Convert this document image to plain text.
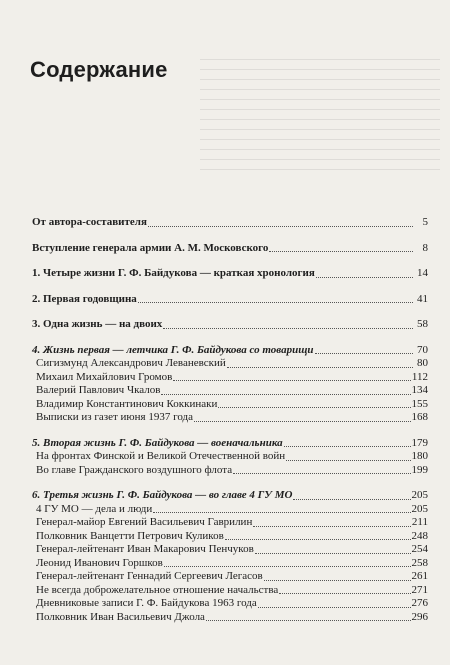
Содержание
От автора-составителя	5
Вступление генерала армии А. М. Московского	8
1. Четыре жизни Г. Ф. Байдукова — краткая хронология	14
2. Первая годовщина	41
3. Одна жизнь — на двоих	58
4. Жизнь первая — летчика Г. Ф. Байдукова со товарищи	70
Сигизмунд Александрович Леваневский	80
Михаил Михайлович Громов	112
Валерий Павлович Чкалов	134
Владимир Константинович Коккинаки	155
Выписки из газет июня 1937 года	168
5. Вторая жизнь Г. Ф. Байдукова — военачальника	179
На фронтах Финской и Великой Отечественной войн	180
Во главе Гражданского воздушного флота	199
6. Третья жизнь Г. Ф. Байдукова — во главе 4 ГУ МО	205
4 ГУ МО — дела и люди	205
Генерал-майор Евгений Васильевич Гаврилин	211
Полковник Ванцетти Петрович Куликов	248
Генерал-лейтенант Иван Макарович Пенчуков	254
Леонид Иванович Горшков	258
Генерал-лейтенант Геннадий Сергеевич Легасов	261
Не всегда доброжелательное отношение начальства	271
Дневниковые записи Г. Ф. Байдукова 1963 года	276
Полковник Иван Васильевич Джола	296
